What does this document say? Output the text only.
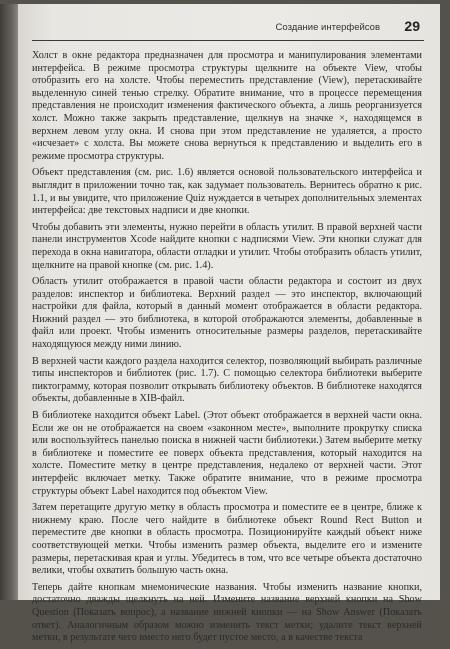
Создание интерфейсов 29

Холст в окне редактора предназначен для просмотра и манипулирования элементами интерфейса. В режиме просмотра структуры щелкните на объекте View, чтобы отобразить его на холсте. Чтобы переместить представление (View), перетаскивайте выделенную синей тенью стрелку. Обратите внимание, что в процессе перемещения представления не происходит изменения фактического объекта, а лишь реорганизуется холст. Можно также закрыть представление, щелкнув на значке ×, находящемся в верхнем левом углу окна. И снова при этом представление не удаляется, а просто «исчезает» с холста. Вы можете снова вернуться к представлению и выделить его в режиме просмотра структуры.

Объект представления (см. рис. 1.6) является основой пользовательского интерфейса и выглядит в приложении точно так, как задумает пользователь. Вернитесь обратно к рис. 1.1, и вы увидите, что приложение Quiz нуждается в четырех дополнительных элементах интерфейса: две текстовых надписи и две кнопки.

Чтобы добавить эти элементы, нужно перейти в область утилит. В правой верхней части панели инструментов Xcode найдите кнопки с надписями View. Эти кнопки служат для перехода в окна навигатора, области отладки и утилит. Чтобы отобразить область утилит, щелкните на правой кнопке (см. рис. 1.4).

Область утилит отображается в правой части области редактора и состоит из двух разделов: инспектор и библиотека. Верхний раздел — это инспектор, включающий настройки для файла, который в данный момент отображается в области редактора. Нижний раздел — это библиотека, в которой отображаются элементы, добавленные в файл или проект. Чтобы изменить относительные размеры разделов, перетаскивайте находящуюся между ними линию.

В верхней части каждого раздела находится селектор, позволяющий выбирать различные типы инспекторов и библиотек (рис. 1.7). С помощью селектора библиотеки выберите пиктограмму, которая позволит открывать библиотеку объектов. В библиотеке находятся объекты, добавленные в XIB-файл.

В библиотеке находится объект Label. (Этот объект отображается в верхней части окна. Если же он не отображается на своем «законном месте», выполните прокрутку списка или воспользуйтесь панелью поиска в нижней части библиотеки.) Затем выберите метку в библиотеке и поместите ее поверх объекта представления, который находится на холсте. Поместите метку в центре представления, недалеко от верхней части. Этот интерфейс включает метку. Также обратите внимание, что в режиме просмотра структуры объект Label находится под объектом View.

Затем перетащите другую метку в область просмотра и поместите ее в центре, ближе к нижнему краю. После чего найдите в библиотеке объект Round Rect Button и переместите две кнопки в область просмотра. Позиционируйте каждый объект ниже соответствующей метки. Чтобы изменить размер объекта, выделите его и измените размеры, перетаскивая края и углы. Убедитесь в том, что все четыре объекта достаточно велики, чтобы охватить большую часть окна.

Теперь дайте кнопкам мнемонические названия. Чтобы изменить название кнопки, достаточно дважды щелкнуть на ней. Измените название верхней кнопки на Show Question (Показать вопрос), а название нижней кнопки — на Show Answer (Показать ответ). Аналогичным образом можно изменить текст метки; удалите текст верхней метки, в результате чего вместо него будет пустое место, а в качестве текста
